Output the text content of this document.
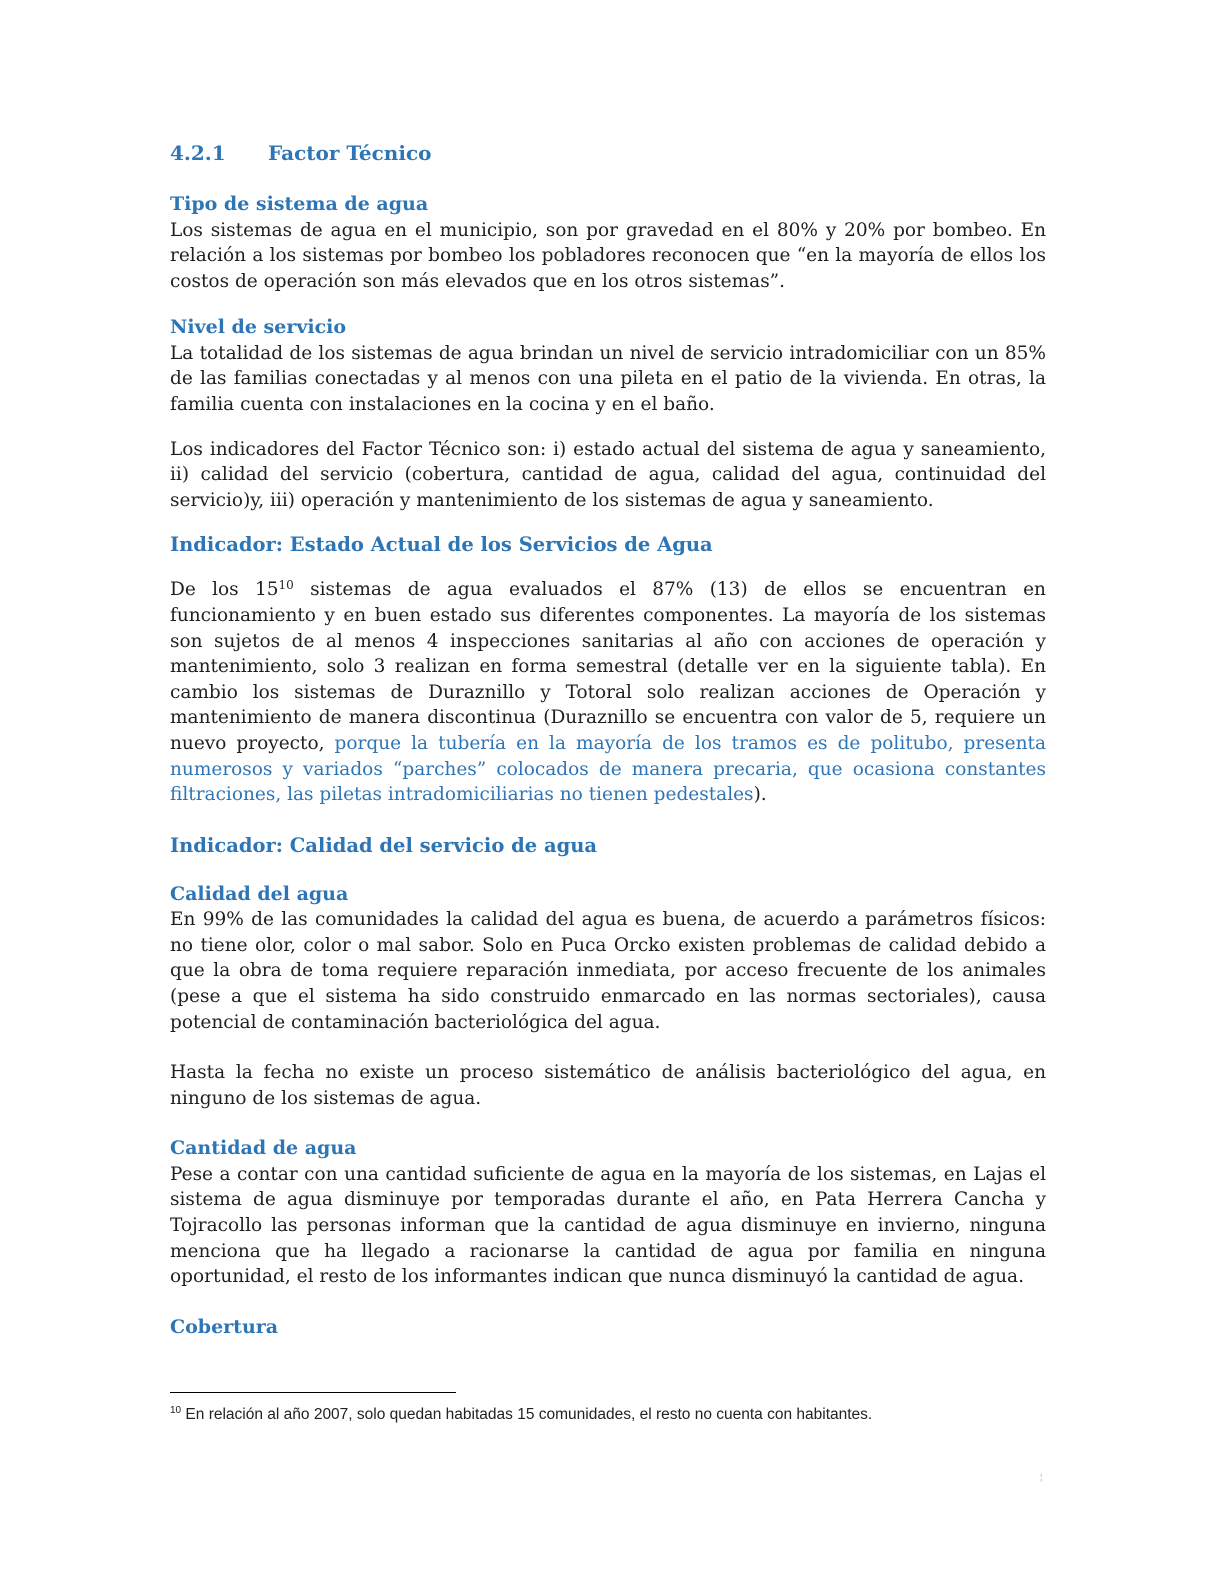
4.2.1 Factor Técnico
Tipo de sistema de agua

Los sistemas de agua en el municipio, son por gravedad en el 80% y 20% por bombeo. En relación a los sistemas por bombeo los pobladores reconocen que “en la mayoría de ellos los costos de operación son más elevados que en los otros sistemas”.

Nivel de servicio

La totalidad de los sistemas de agua brindan un nivel de servicio intradomiciliar con un 85% de las familias conectadas y al menos con una pileta en el patio de la vivienda. En otras, la familia cuenta con instalaciones en la cocina y en el baño.

Los indicadores del Factor Técnico son: i) estado actual del sistema de agua y saneamiento, ii) calidad del servicio (cobertura, cantidad de agua, calidad del agua, continuidad del servicio)y, iii) operación y mantenimiento de los sistemas de agua y saneamiento.

Indicador: Estado Actual de los Servicios de Agua

De los $15^{10}$ sistemas de agua evaluados el 87% (13) de ellos se encuentran en funcionamiento y en buen estado sus diferentes componentes. La mayoría de los sistemas son sujetos de al menos 4 inspecciones sanitarias al año con acciones de operación y mantenimiento, solo 3 realizan en forma semestral (detalle ver en la siguiente tabla). En cambio los sistemas de Duraznillo y Totoral solo realizan acciones de Operación y mantenimiento de manera discontinua (Duraznillo se encuentra con valor de 5, requiere un nuevo proyecto, porque la tubería en la mayoría de los tramos es de politubo, presenta numerosos y variados “parches” colocados de manera precaria, que ocasiona constantes filtraciones, las piletas intradomiciliarias no tienen pedestales).

Indicador: Calidad del servicio de agua
Calidad del agua

En 99% de las comunidades la calidad del agua es buena, de acuerdo a parámetros físicos: no tiene olor, color o mal sabor. Solo en Puca Orcko existen problemas de calidad debido a que la obra de toma requiere reparación inmediata, por acceso frecuente de los animales (pese a que el sistema ha sido construido enmarcado en las normas sectoriales), causa potencial de contaminación bacteriológica del agua.

Hasta la fecha no existe un proceso sistemático de análisis bacteriológico del agua, en ninguno de los sistemas de agua.

Cantidad de agua

Pese a contar con una cantidad suficiente de agua en la mayoría de los sistemas, en Lajas el sistema de agua disminuye por temporadas durante el año, en Pata Herrera Cancha y Tojracollo las personas informan que la cantidad de agua disminuye en invierno, ninguna menciona que ha llegado a racionarse la cantidad de agua por familia en ninguna oportunidad, el resto de los informantes indican que nunca disminuyó la cantidad de agua.

Cobertura
$^{10}$ En relación al año 2007, solo quedan habitadas 15 comunidades, el resto no cuenta con habitantes.
¦
